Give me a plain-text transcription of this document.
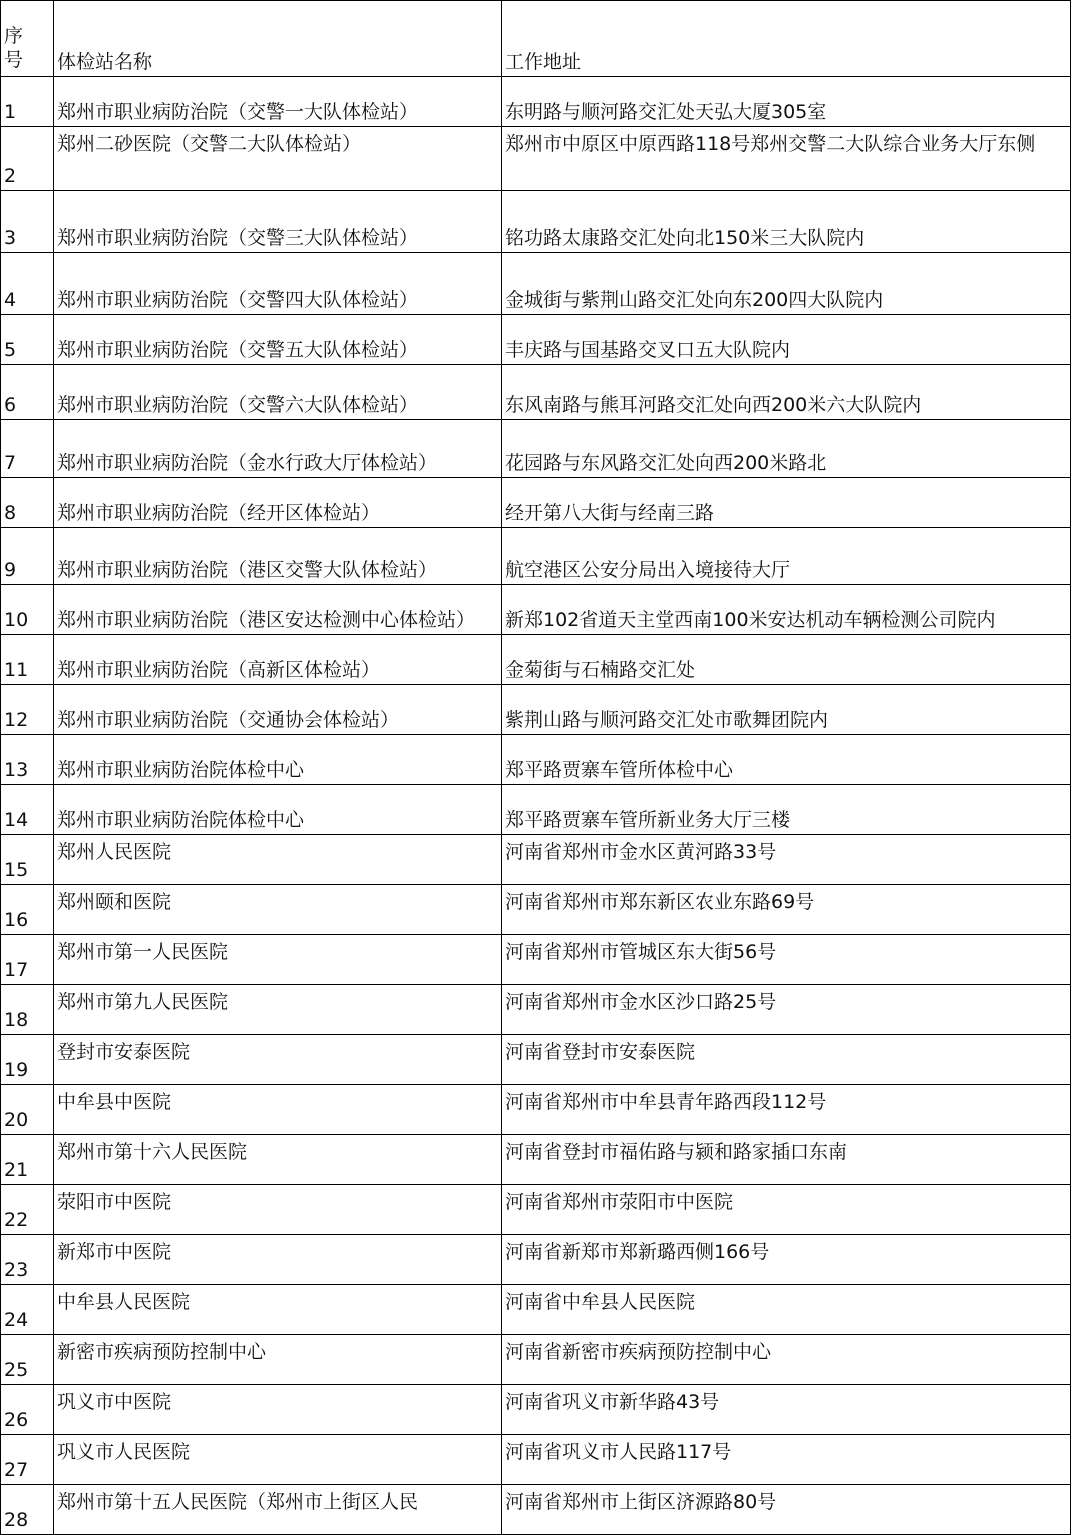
序
号	体检站名称	工作地址
1	郑州市职业病防治院（交警一大队体检站）	东明路与顺河路交汇处天弘大厦305室
2	郑州二砂医院（交警二大队体检站）	郑州市中原区中原西路118号郑州交警二大队综合业务大厅东侧
3	郑州市职业病防治院（交警三大队体检站）	铭功路太康路交汇处向北150米三大队院内
4	郑州市职业病防治院（交警四大队体检站）	金城街与紫荆山路交汇处向东200四大队院内
5	郑州市职业病防治院（交警五大队体检站）	丰庆路与国基路交叉口五大队院内
6	郑州市职业病防治院（交警六大队体检站）	东风南路与熊耳河路交汇处向西200米六大队院内
7	郑州市职业病防治院（金水行政大厅体检站）	花园路与东风路交汇处向西200米路北
8	郑州市职业病防治院（经开区体检站）	经开第八大街与经南三路
9	郑州市职业病防治院（港区交警大队体检站）	航空港区公安分局出入境接待大厅
10	郑州市职业病防治院（港区安达检测中心体检站）	新郑102省道天主堂西南100米安达机动车辆检测公司院内
11	郑州市职业病防治院（高新区体检站）	金菊街与石楠路交汇处
12	郑州市职业病防治院（交通协会体检站）	紫荆山路与顺河路交汇处市歌舞团院内
13	郑州市职业病防治院体检中心	郑平路贾寨车管所体检中心
14	郑州市职业病防治院体检中心	郑平路贾寨车管所新业务大厅三楼
15	郑州人民医院	河南省郑州市金水区黄河路33号
16	郑州颐和医院	河南省郑州市郑东新区农业东路69号
17	郑州市第一人民医院	河南省郑州市管城区东大街56号
18	郑州市第九人民医院	河南省郑州市金水区沙口路25号
19	登封市安泰医院	河南省登封市安泰医院
20	中牟县中医院	河南省郑州市中牟县青年路西段112号
21	郑州市第十六人民医院	河南省登封市福佑路与颍和路家插口东南
22	荥阳市中医院	河南省郑州市荥阳市中医院
23	新郑市中医院	河南省新郑市郑新璐西侧166号
24	中牟县人民医院	河南省中牟县人民医院
25	新密市疾病预防控制中心	河南省新密市疾病预防控制中心
26	巩义市中医院	河南省巩义市新华路43号
27	巩义市人民医院	河南省巩义市人民路117号
28	郑州市第十五人民医院（郑州市上街区人民	河南省郑州市上街区济源路80号
